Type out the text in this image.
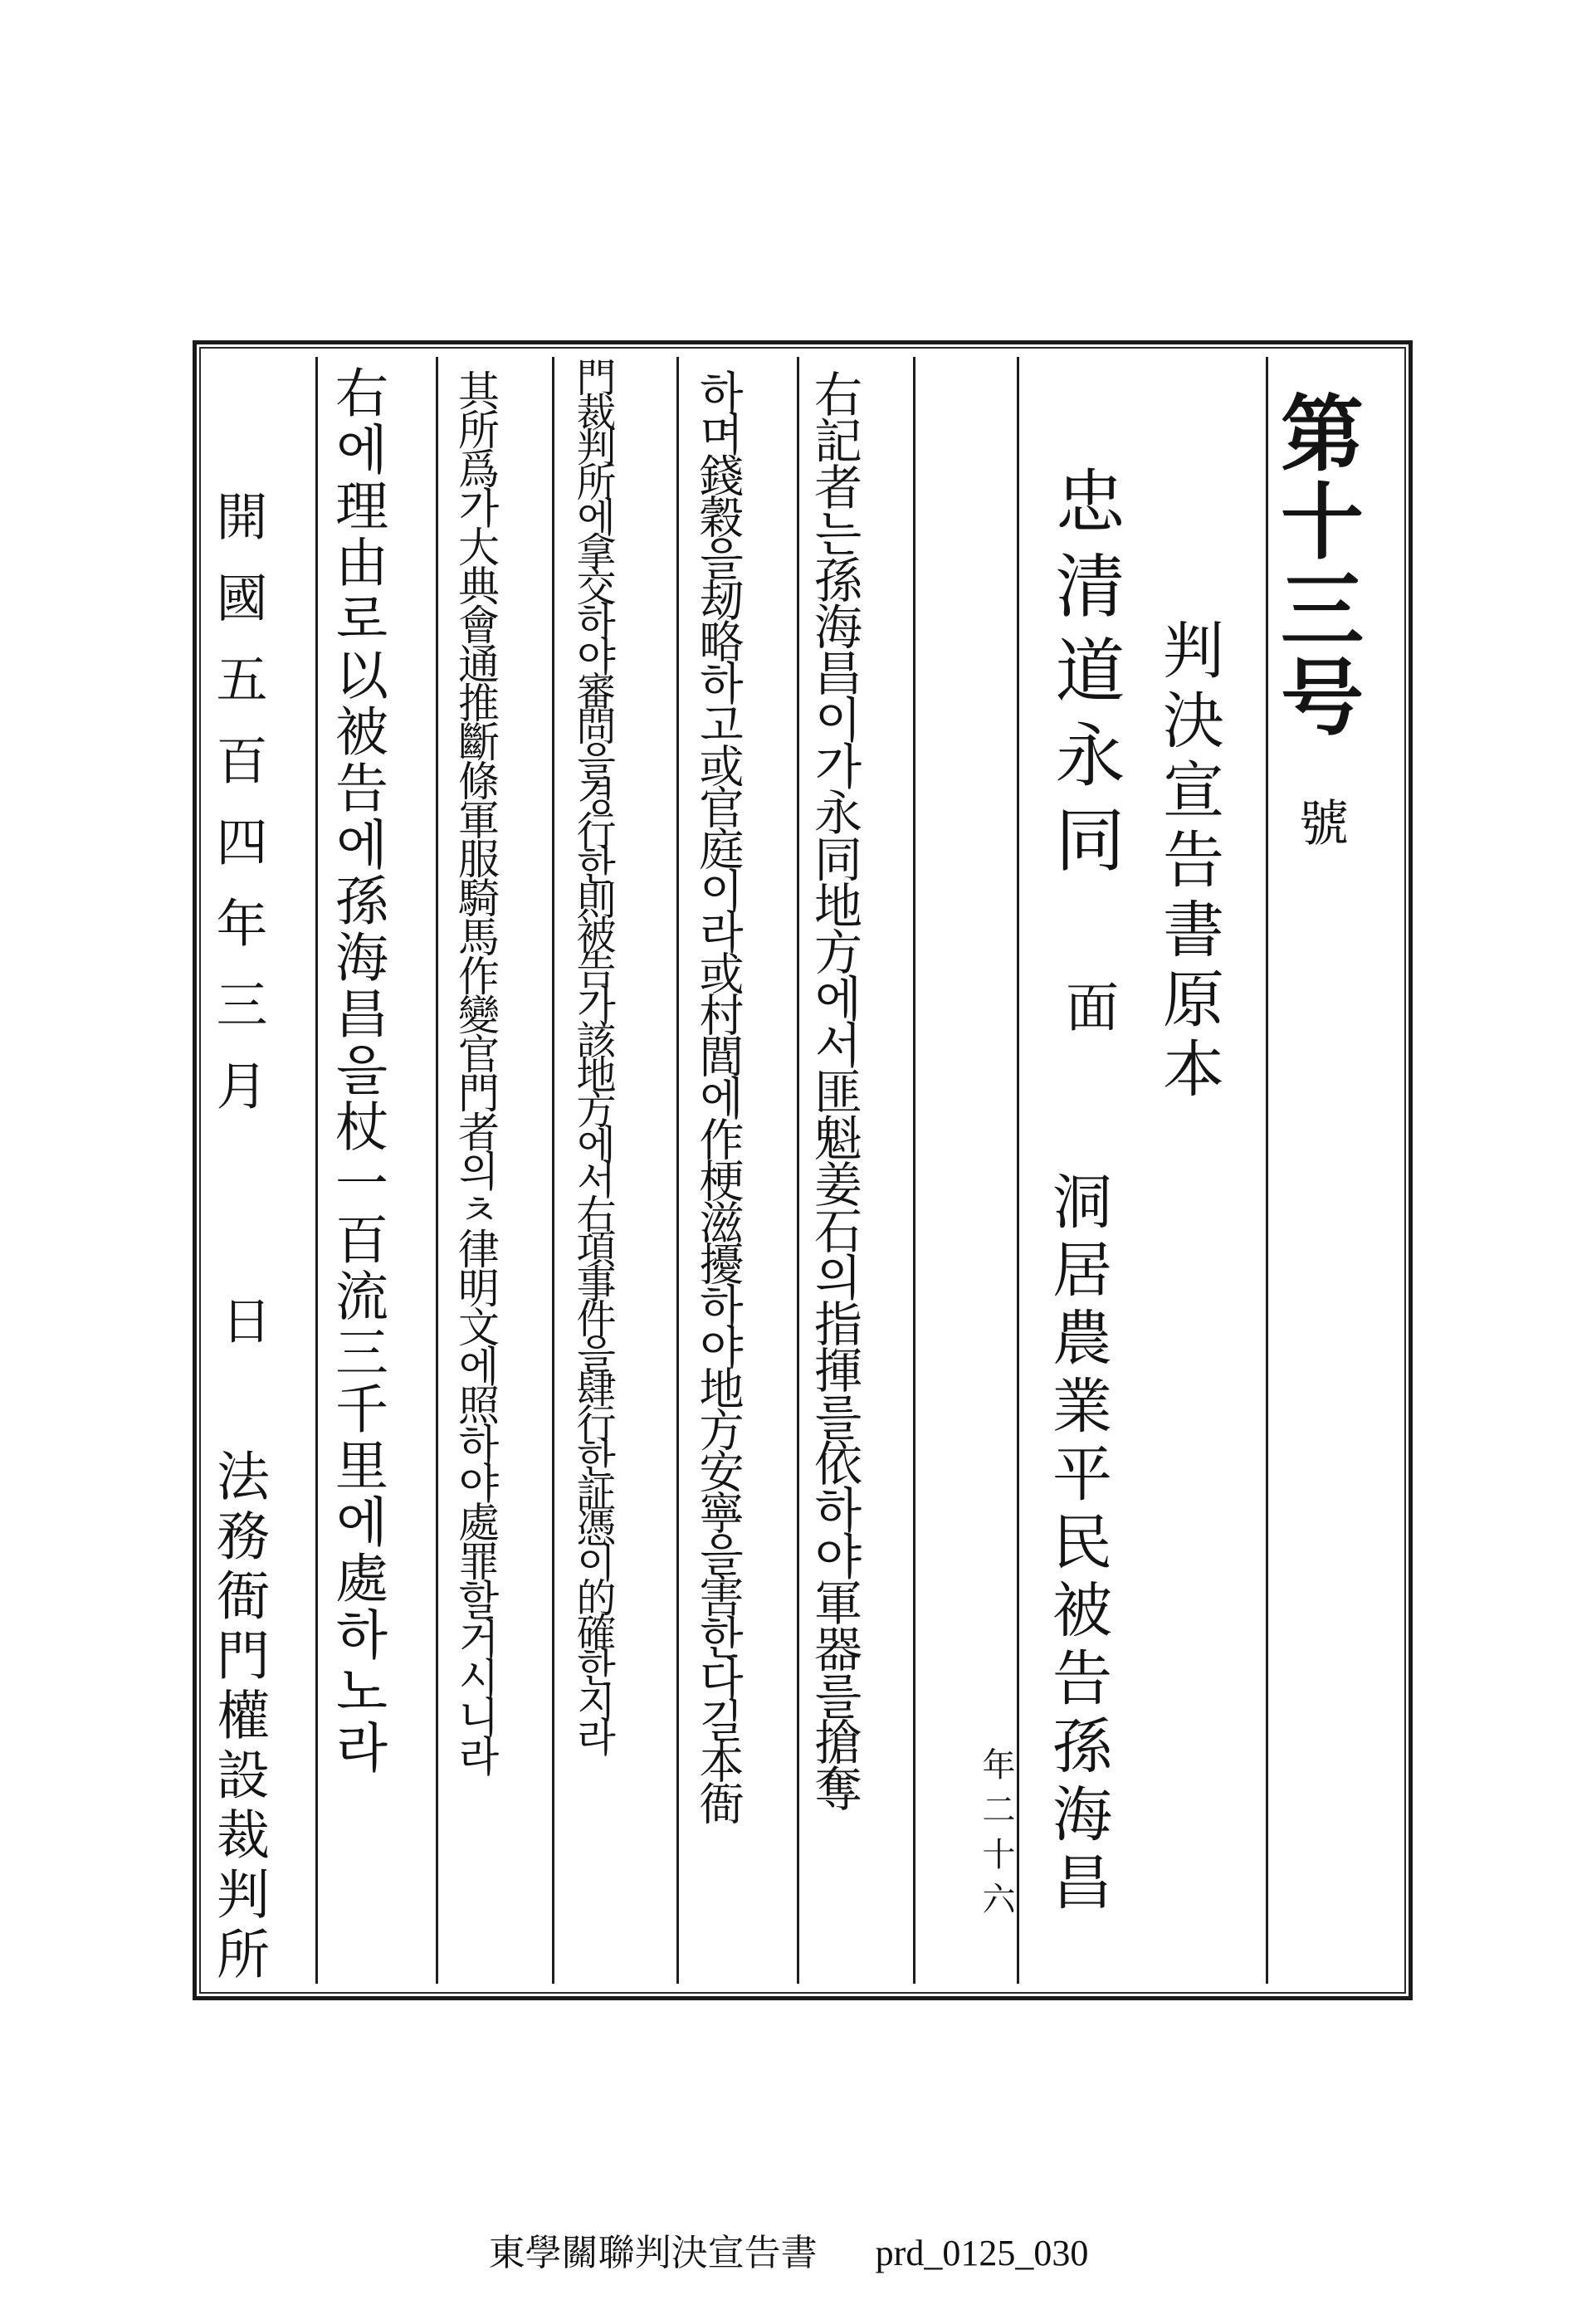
第十三号
號
判決宣告書原本
忠清道永同
面
洞居農業平民被告孫海昌
年二十六
右記者는孫海昌이가永同地方에서匪魁姜石의指揮를依하야軍器를搶奪
하며錢穀을刼略하고或官庭이라或村閭에作梗滋擾하야地方安寧을害한다길本衙
門裁判所에拿交하야審問을경行한則被告가該地方에서右項事件을肆行한証憑이的確한지라
其所爲가大典會通推斷條軍服騎馬作變官門者의ㅊ律明文에照하야處罪할거시니라
右에理由로以被告에孫海昌을杖一百流三千里에處하노라
開國五百四年三月
日
法務衙門權設裁判所
東學關聯判決宣告書 prd_0125_030
